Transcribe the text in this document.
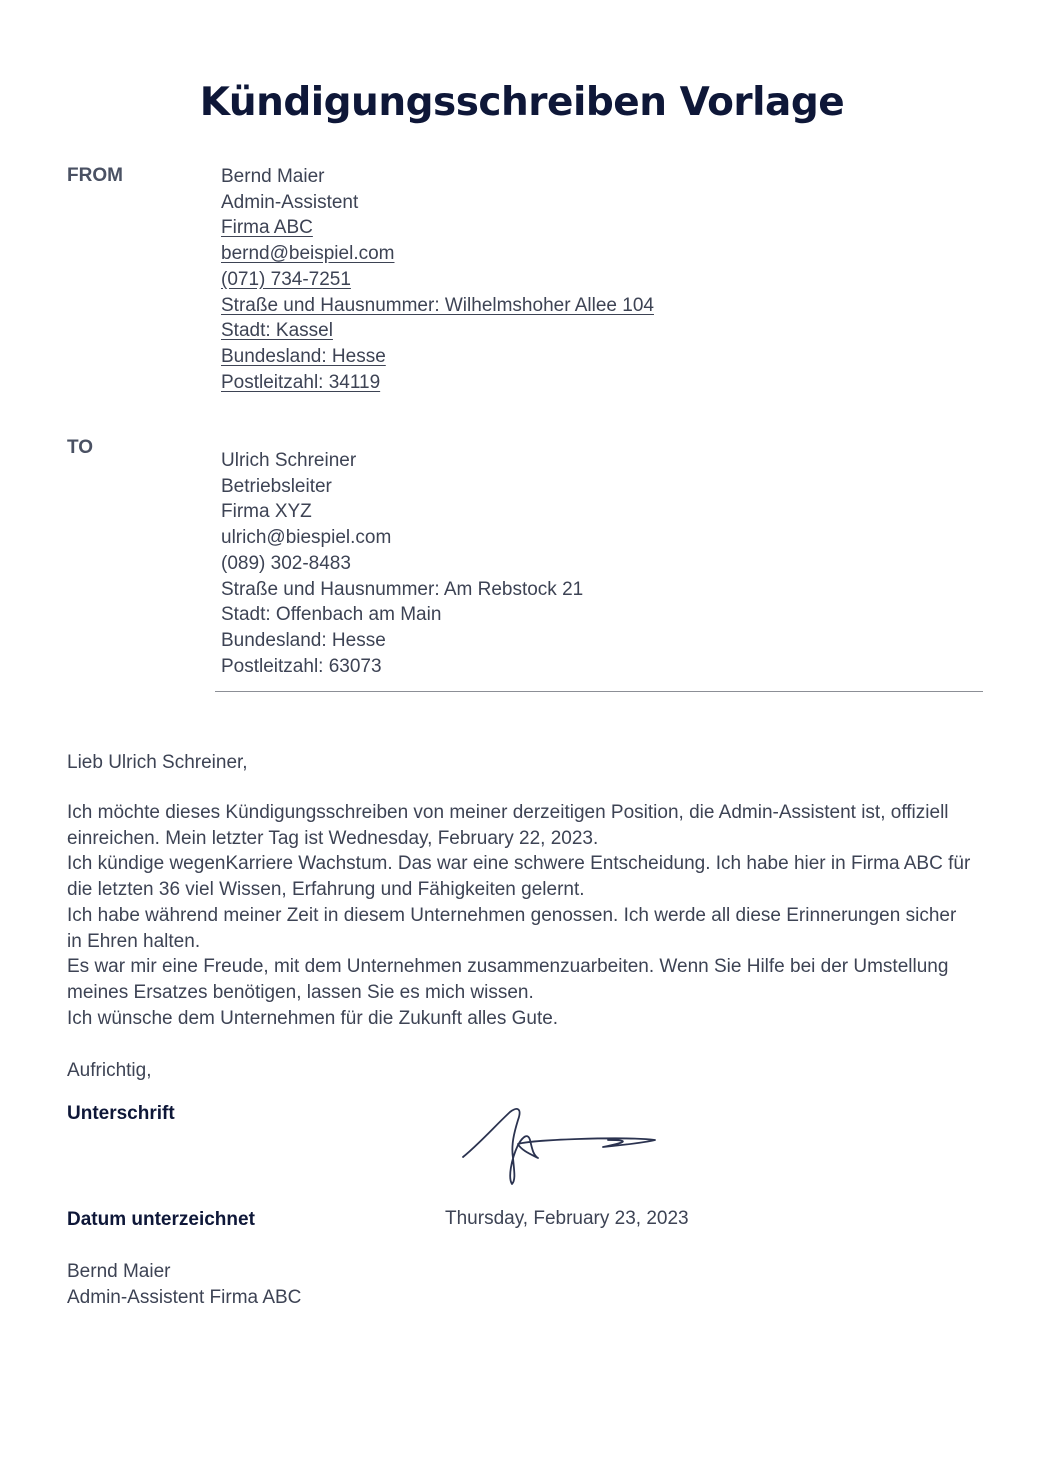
Kündigungsschreiben Vorlage
FROM	Bernd Maier
Admin-Assistent
Firma ABC
bernd@beispiel.com
(071) 734-7251
Straße und Hausnummer: Wilhelmshoher Allee 104
Stadt: Kassel
Bundesland: Hesse
Postleitzahl: 34119
TO
Ulrich Schreiner
Betriebsleiter
Firma XYZ
ulrich@biespiel.com
(089) 302-8483
Straße und Hausnummer: Am Rebstock 21
Stadt: Offenbach am Main
Bundesland: Hesse
Postleitzahl: 63073
Lieb Ulrich Schreiner,
Ich möchte dieses Kündigungsschreiben von meiner derzeitigen Position, die Admin-Assistent ist, offiziell
einreichen. Mein letzter Tag ist Wednesday, February 22, 2023.
Ich kündige wegenKarriere Wachstum. Das war eine schwere Entscheidung. Ich habe hier in Firma ABC für
die letzten 36 viel Wissen, Erfahrung und Fähigkeiten gelernt.
Ich habe während meiner Zeit in diesem Unternehmen genossen. Ich werde all diese Erinnerungen sicher
in Ehren halten.
Es war mir eine Freude, mit dem Unternehmen zusammenzuarbeiten. Wenn Sie Hilfe bei der Umstellung
meines Ersatzes benötigen, lassen Sie es mich wissen.
Ich wünsche dem Unternehmen für die Zukunft alles Gute.
Aufrichtig,
Unterschrift
Datum unterzeichnet	Thursday, February 23, 2023
Bernd Maier
Admin-Assistent Firma ABC
